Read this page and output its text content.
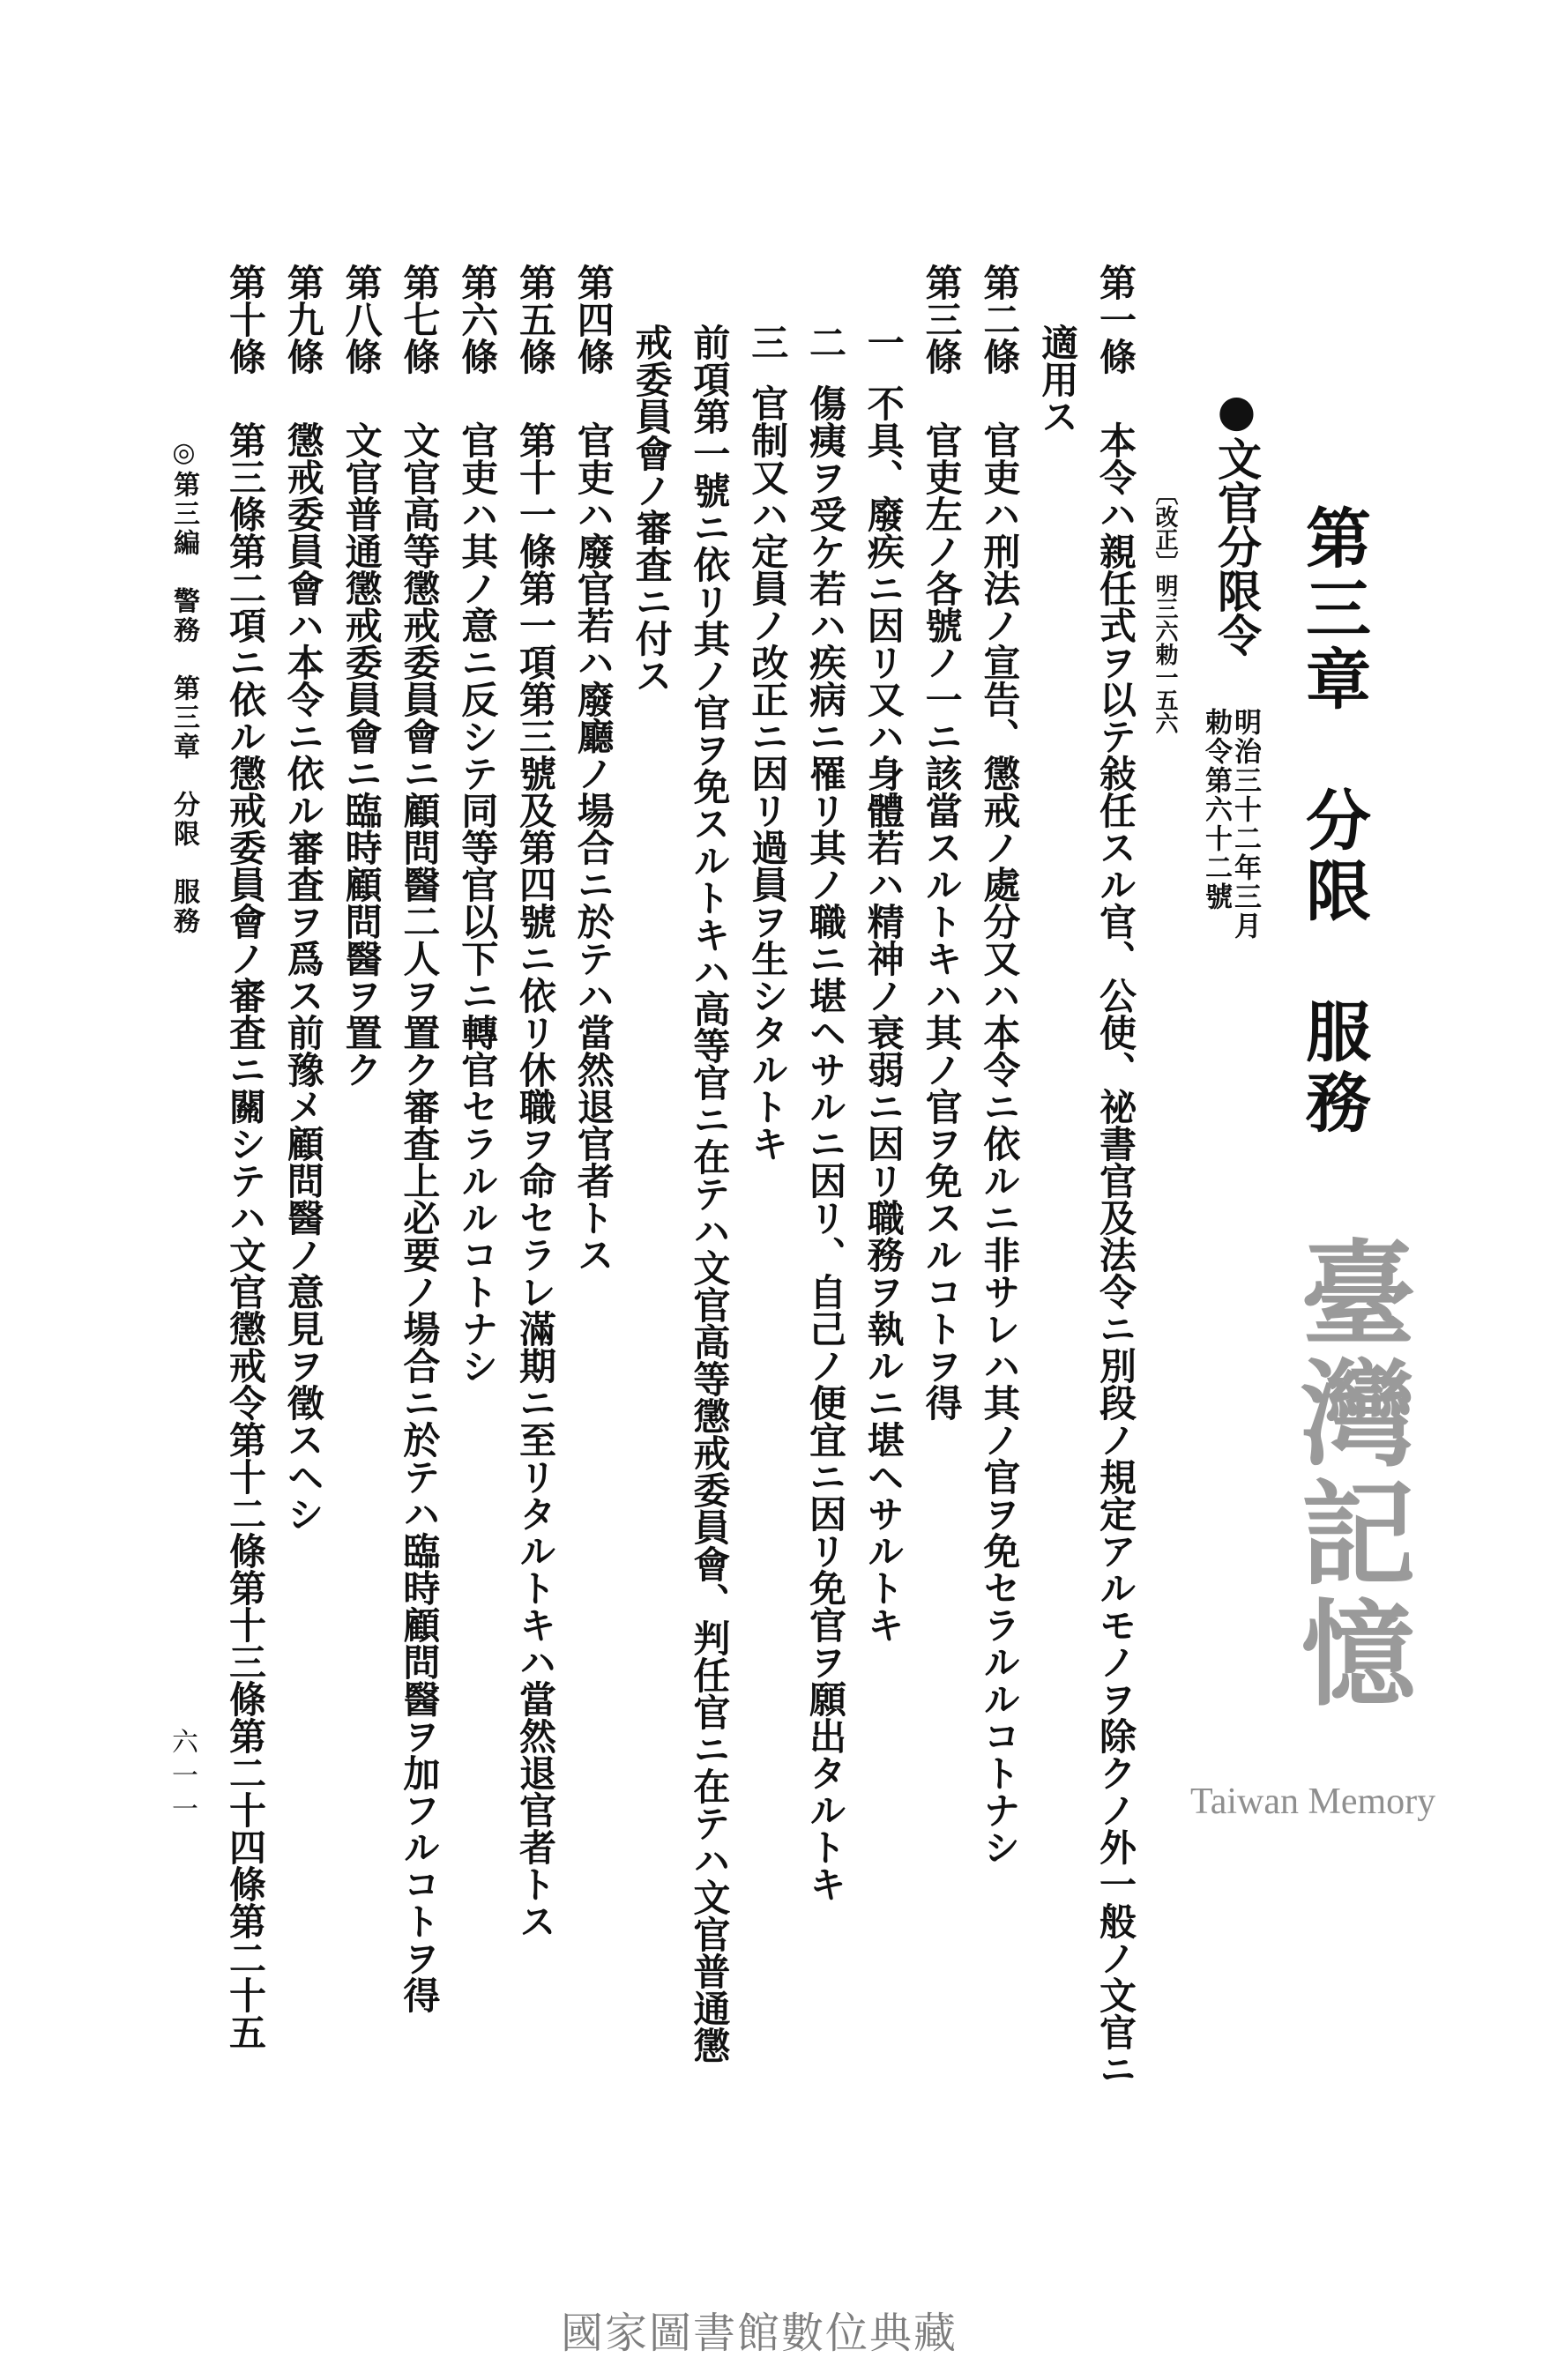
第三章　分限　服務
●文官分限令
明治三十二年三月
勅令第六十二號
〔改正〕明三六勅一五六
第一條本令ハ親任式ヲ以テ敍任スル官、公使、祕書官及法令ニ別段ノ規定アルモノヲ除クノ外一般ノ文官ニ
適用ス
第二條官吏ハ刑法ノ宣告、懲戒ノ處分又ハ本令ニ依ルニ非サレハ其ノ官ヲ免セラルルコトナシ
第三條官吏左ノ各號ノ一ニ該當スルトキハ其ノ官ヲ免スルコトヲ得
一不具、廢疾ニ因リ又ハ身體若ハ精神ノ衰弱ニ因リ職務ヲ執ルニ堪ヘサルトキ
二傷痍ヲ受ケ若ハ疾病ニ罹リ其ノ職ニ堪ヘサルニ因リ、自己ノ便宜ニ因リ免官ヲ願出タルトキ
三官制又ハ定員ノ改正ニ因リ過員ヲ生シタルトキ
前項第一號ニ依リ其ノ官ヲ免スルトキハ高等官ニ在テハ文官高等懲戒委員會、判任官ニ在テハ文官普通懲
戒委員會ノ審査ニ付ス
第四條官吏ハ廢官若ハ廢廳ノ場合ニ於テハ當然退官者トス
第五條第十一條第一項第三號及第四號ニ依リ休職ヲ命セラレ滿期ニ至リタルトキハ當然退官者トス
第六條官吏ハ其ノ意ニ反シテ同等官以下ニ轉官セラルルコトナシ
第七條文官高等懲戒委員會ニ顧問醫二人ヲ置ク審査上必要ノ場合ニ於テハ臨時顧問醫ヲ加フルコトヲ得
第八條文官普通懲戒委員會ニ臨時顧問醫ヲ置ク
第九條懲戒委員會ハ本令ニ依ル審査ヲ爲ス前豫メ顧問醫ノ意見ヲ徵スヘシ
第十條第三條第二項ニ依ル懲戒委員會ノ審査ニ關シテハ文官懲戒令第十二條第十三條第二十四條第二十五
◎第三編　警務　第三章　分限　服務
六一一
臺灣記憶
Taiwan Memory
國家圖書館數位典藏
